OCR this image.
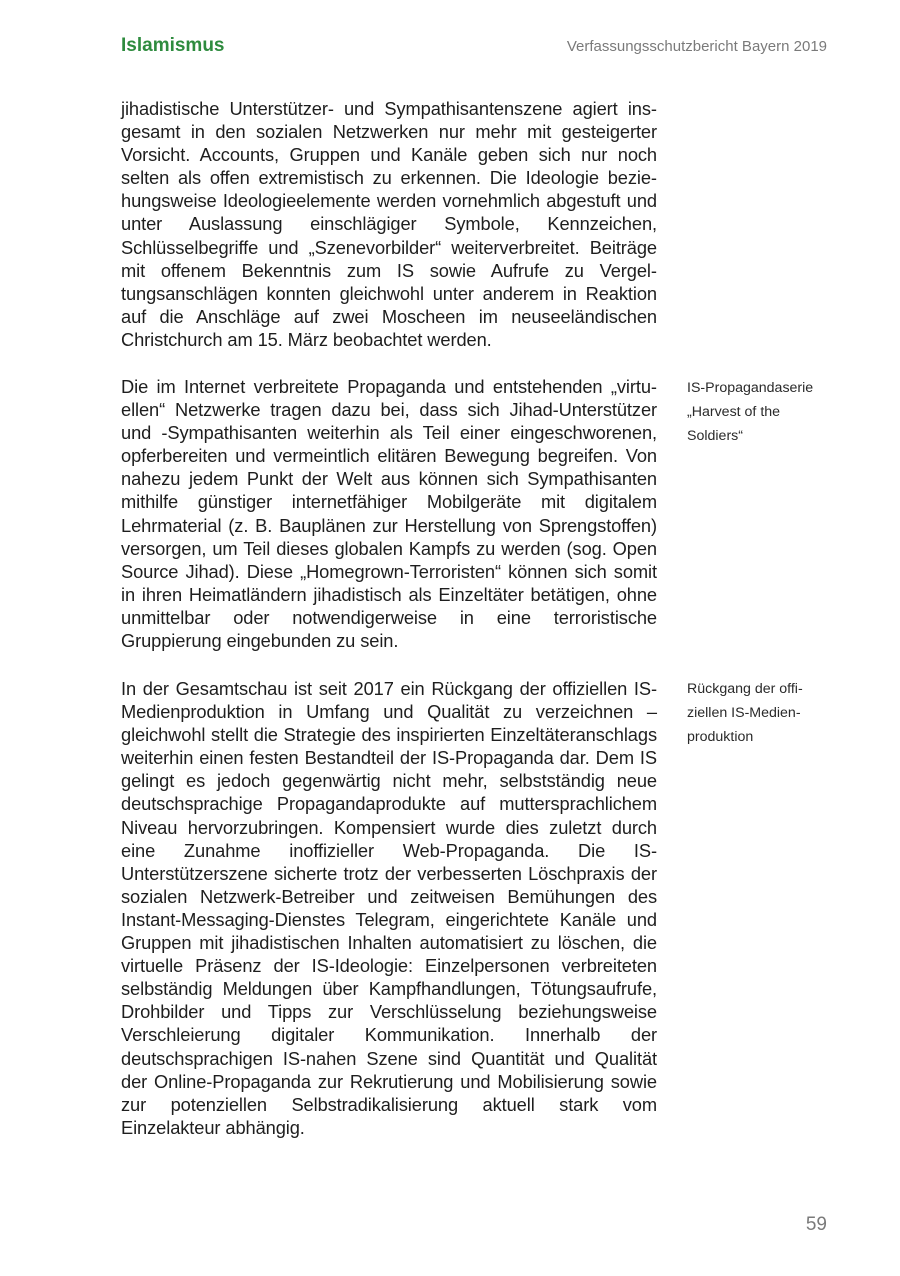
Islamismus	Verfassungsschutzbericht Bayern 2019

jihadistische Unterstützer- und Sympathisantenszene agiert insgesamt in den sozialen Netzwerken nur mehr mit gesteigerter Vorsicht. Accounts, Gruppen und Kanäle geben sich nur noch selten als offen extremistisch zu erkennen. Die Ideologie beziehungsweise Ideologieelemente werden vornehmlich abgestuft und unter Auslassung einschlägiger Symbole, Kennzeichen, Schlüsselbegriffe und „Szenevorbilder“ weiterverbreitet. Beiträge mit offenem Bekenntnis zum IS sowie Aufrufe zu Vergeltungsanschlägen konnten gleichwohl unter anderem in Reaktion auf die Anschläge auf zwei Moscheen im neuseeländischen Christchurch am 15. März beobachtet werden.

Die im Internet verbreitete Propaganda und entstehenden „virtuellen“ Netzwerke tragen dazu bei, dass sich Jihad-Unterstützer und -Sympathisanten weiterhin als Teil einer eingeschworenen, opferbereiten und vermeintlich elitären Bewegung begreifen. Von nahezu jedem Punkt der Welt aus können sich Sympathisanten mithilfe günstiger internetfähiger Mobilgeräte mit digitalem Lehrmaterial (z. B. Bauplänen zur Herstellung von Sprengstoffen) versorgen, um Teil dieses globalen Kampfs zu werden (sog. Open Source Jihad). Diese „Homegrown-Terroristen“ können sich somit in ihren Heimatländern jihadistisch als Einzeltäter betätigen, ohne unmittelbar oder notwendigerweise in eine terroristische Gruppierung eingebunden zu sein.

In der Gesamtschau ist seit 2017 ein Rückgang der offiziellen IS-Medienproduktion in Umfang und Qualität zu verzeichnen – gleichwohl stellt die Strategie des inspirierten Einzeltäteranschlags weiterhin einen festen Bestandteil der IS-Propaganda dar. Dem IS gelingt es jedoch gegenwärtig nicht mehr, selbstständig neue deutschsprachige Propagandaprodukte auf muttersprachlichem Niveau hervorzubringen. Kompensiert wurde dies zuletzt durch eine Zunahme inoffizieller Web-Propaganda. Die IS-Unterstützerszene sicherte trotz der verbesserten Löschpraxis der sozialen Netzwerk-Betreiber und zeitweisen Bemühungen des Instant-Messaging-Dienstes Telegram, eingerichtete Kanäle und Gruppen mit jihadistischen Inhalten automatisiert zu löschen, die virtuelle Präsenz der IS-Ideologie: Einzelpersonen verbreiteten selbständig Meldungen über Kampfhandlungen, Tötungsaufrufe, Drohbilder und Tipps zur Verschlüsselung beziehungsweise Verschleierung digitaler Kommunikation. Innerhalb der deutschsprachigen IS-nahen Szene sind Quantität und Qualität der Online-Propaganda zur Rekrutierung und Mobilisierung sowie zur potenziellen Selbstradikalisierung aktuell stark vom Einzelakteur abhängig.

IS-Propagandaserie „Harvest of the Soldiers“

Rückgang der offiziellen IS-Medienproduktion

59
